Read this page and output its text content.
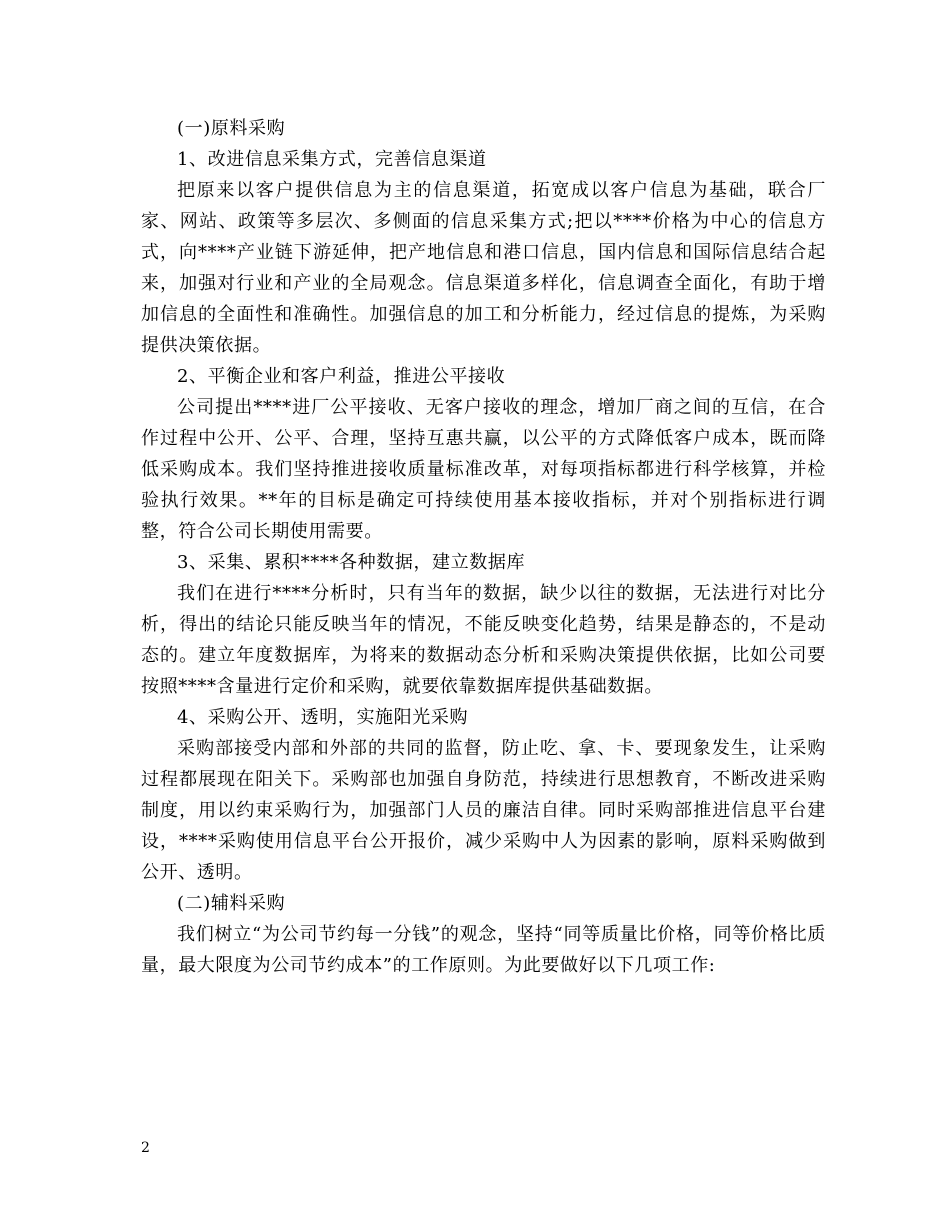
(一)原料采购

1、改进信息采集方式，完善信息渠道

把原来以客户提供信息为主的信息渠道，拓宽成以客户信息为基础，联合厂家、网站、政策等多层次、多侧面的信息采集方式;把以****价格为中心的信息方式，向****产业链下游延伸，把产地信息和港口信息，国内信息和国际信息结合起来，加强对行业和产业的全局观念。信息渠道多样化，信息调查全面化，有助于增加信息的全面性和准确性。加强信息的加工和分析能力，经过信息的提炼，为采购提供决策依据。

2、平衡企业和客户利益，推进公平接收

公司提出****进厂公平接收、无客户接收的理念，增加厂商之间的互信，在合作过程中公开、公平、合理，坚持互惠共赢，以公平的方式降低客户成本，既而降低采购成本。我们坚持推进接收质量标准改革，对每项指标都进行科学核算，并检验执行效果。**年的目标是确定可持续使用基本接收指标，并对个别指标进行调整，符合公司长期使用需要。

3、采集、累积****各种数据，建立数据库

我们在进行****分析时，只有当年的数据，缺少以往的数据，无法进行对比分析，得出的结论只能反映当年的情况，不能反映变化趋势，结果是静态的，不是动态的。建立年度数据库，为将来的数据动态分析和采购决策提供依据，比如公司要按照****含量进行定价和采购，就要依靠数据库提供基础数据。

4、采购公开、透明，实施阳光采购

采购部接受内部和外部的共同的监督，防止吃、拿、卡、要现象发生，让采购过程都展现在阳关下。采购部也加强自身防范，持续进行思想教育，不断改进采购制度，用以约束采购行为，加强部门人员的廉洁自律。同时采购部推进信息平台建设，****采购使用信息平台公开报价，减少采购中人为因素的影响，原料采购做到公开、透明。

(二)辅料采购

我们树立“为公司节约每一分钱”的观念，坚持“同等质量比价格，同等价格比质量，最大限度为公司节约成本”的工作原则。为此要做好以下几项工作:

2
